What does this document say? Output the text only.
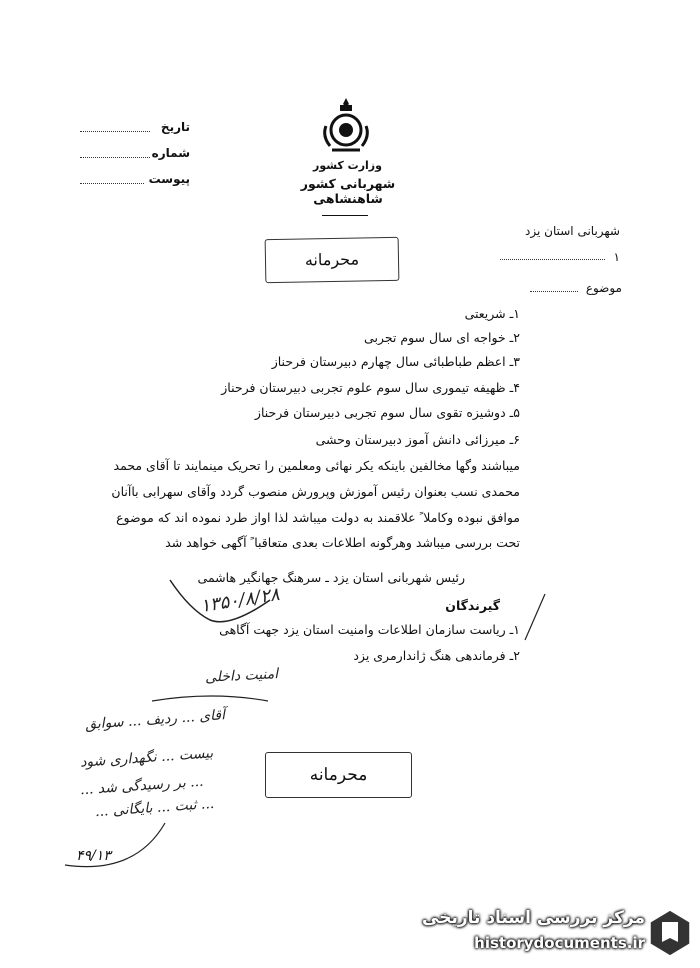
وزارت کشور
شهربانی کشور شاهنشاهی
تاریخ
شماره
پیوست
شهربانی استان یزد
۱
موضوع
محرمانه
۱ـ شریعتی
۲ـ خواجه ای سال سوم تجربی
۳ـ اعظم طباطبائی سال چهارم دبیرستان فرحناز
۴ـ ظهیفه تیموری سال سوم علوم تجربی دبیرستان فرحناز
۵ـ دوشیزه تقوی سال سوم تجربی دبیرستان فرحناز
۶ـ میرزائی دانش آموز دبیرستان وحشی
میباشند وگها مخالفین باینکه یکر نهائی ومعلمین را تحریک مینمایند تا آقای محمد
محمدی نسب بعنوان رئیس آموزش وپرورش منصوب گردد وآقای سهرابی باآنان
موافق نبوده وکاملا ً علاقمند به دولت میباشد لذا اواز طرد نموده اند که موضوع
تحت بررسی میباشد وهرگونه اطلاعات بعدی متعاقبا ً آگهی خواهد شد
رئیس شهربانی استان یزد ـ سرهنگ جهانگیر هاشمی
۱۳۵۰/۸/۲۸	گیرندگان
۱ـ ریاست سازمان اطلاعات وامنیت استان یزد جهت آگاهی
۲ـ فرماندهی هنگ ژاندارمری یزد
امنیت داخلی
آقای ... ردیف ... سوابق
بیست ... نگهداری شود
... بر رسیدگی شد ...
... ثبت ... بایگانی ...
محرمانه
۴۹/۱۳
مرکز بررسی اسناد تاریخی
historydocuments.ir
